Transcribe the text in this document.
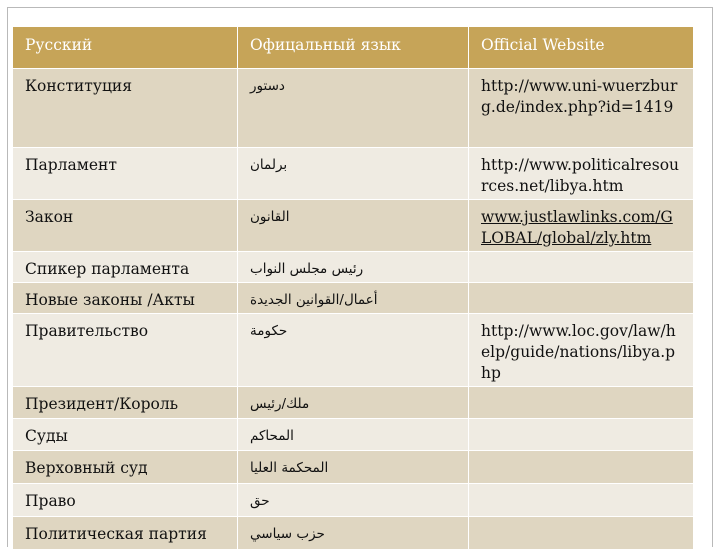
Русский	Офицальный язык	Official Website
Конституция	دستور	http://www.uni-wuerzburg.de/index.php?id=1419
Парламент	برلمان	http://www.politicalresources.net/libya.htm
Закон	القانون	www.justlawlinks.com/GLOBAL/global/zly.htm
Спикер парламента	رئيس مجلس النواب	
Новые законы /Акты	أعمال/القوانين الجديدة	
Правительство	حكومة	http://www.loc.gov/law/help/guide/nations/libya.php
Президент/Король	ملك/رئيس	
Суды	المحاكم	
Верховный суд	المحكمة العليا	
Право	حق	
Политическая партия	حزب سياسي	
